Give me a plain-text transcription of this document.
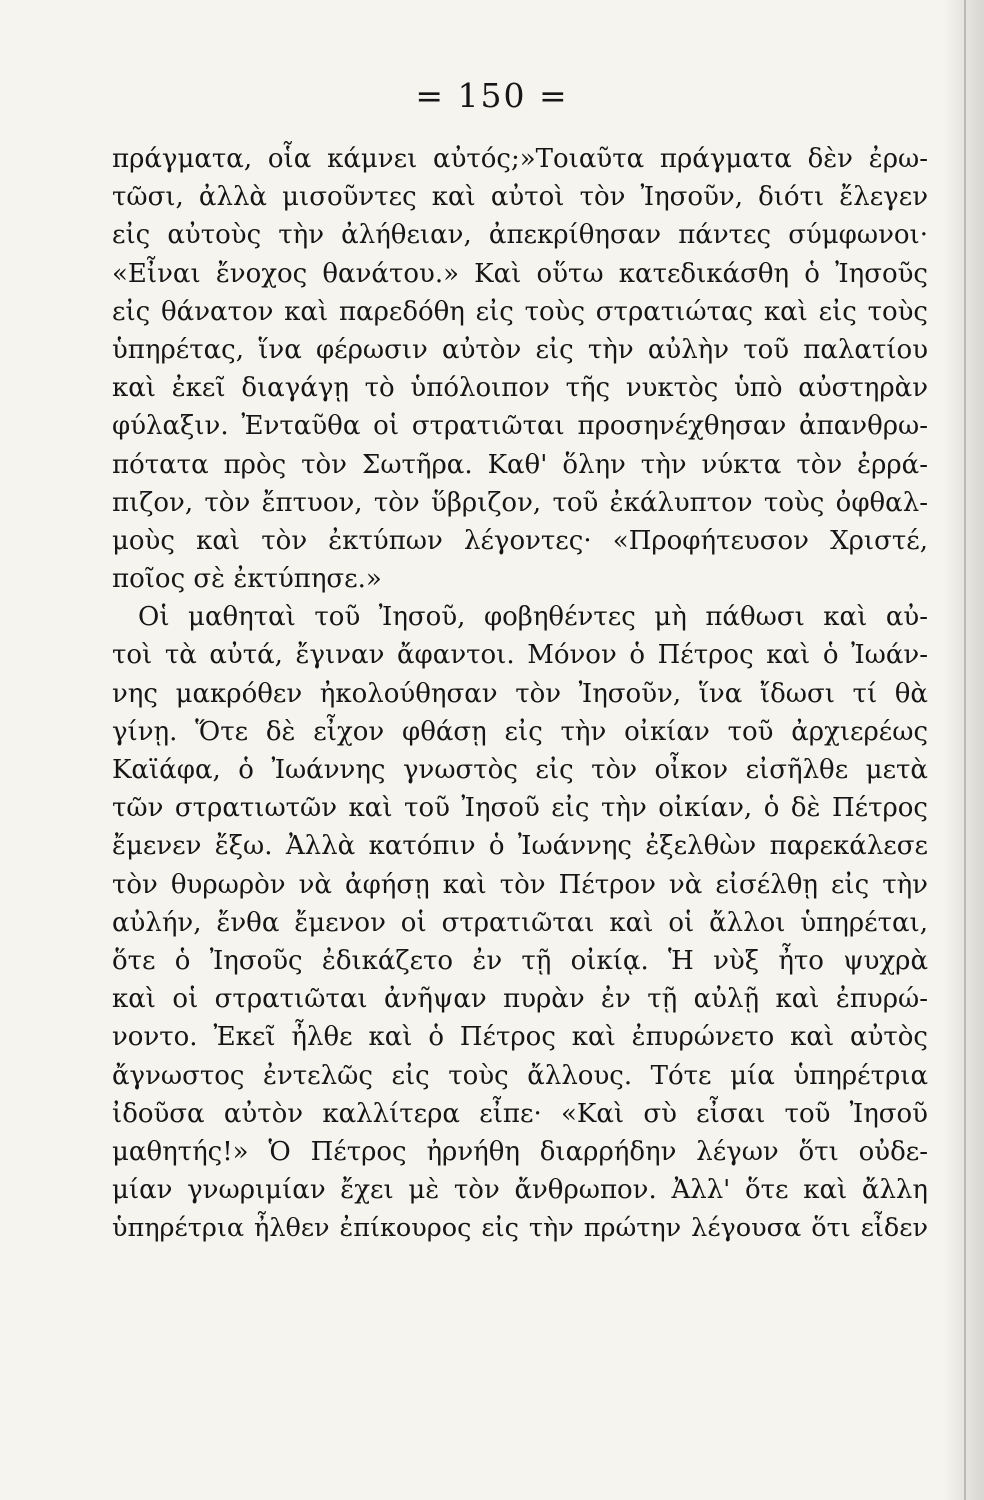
= 150 =
πράγματα, οἷα κάμνει αὐτός;»Τοιαῦτα πράγματα δὲν ἐρω-
τῶσι, ἀλλὰ μισοῦντες καὶ αὐτοὶ τὸν Ἰησοῦν, διότι ἔλεγεν
εἰς αὐτοὺς τὴν ἀλήθειαν, ἀπεκρίθησαν πάντες σύμφωνοι·
«Εἶναι ἔνοχος θανάτου.» Καὶ οὕτω κατεδικάσθη ὁ Ἰησοῦς
εἰς θάνατον καὶ παρεδόθη εἰς τοὺς στρατιώτας καὶ εἰς τοὺς
ὑπηρέτας, ἵνα φέρωσιν αὐτὸν εἰς τὴν αὐλὴν τοῦ παλατίου
καὶ ἐκεῖ διαγάγῃ τὸ ὑπόλοιπον τῆς νυκτὸς ὑπὸ αὐστηρὰν
φύλαξιν. Ἐνταῦθα οἱ στρατιῶται προσηνέχθησαν ἀπανθρω-
πότατα πρὸς τὸν Σωτῆρα. Καθ' ὅλην τὴν νύκτα τὸν ἐρρά-
πιζον, τὸν ἔπτυον, τὸν ὕβριζον, τοῦ ἐκάλυπτον τοὺς ὀφθαλ-
μοὺς καὶ τὸν ἐκτύπων λέγοντες· «Προφήτευσον Χριστέ,
ποῖος σὲ ἐκτύπησε.»
Οἱ μαθηταὶ τοῦ Ἰησοῦ, φοβηθέντες μὴ πάθωσι καὶ αὐ-
τοὶ τὰ αὐτά, ἔγιναν ἄφαντοι. Μόνον ὁ Πέτρος καὶ ὁ Ἰωάν-
νης μακρόθεν ἠκολούθησαν τὸν Ἰησοῦν, ἵνα ἴδωσι τί θὰ
γίνῃ. Ὅτε δὲ εἶχον φθάσῃ εἰς τὴν οἰκίαν τοῦ ἀρχιερέως
Καϊάφα, ὁ Ἰωάννης γνωστὸς εἰς τὸν οἶκον εἰσῆλθε μετὰ
τῶν στρατιωτῶν καὶ τοῦ Ἰησοῦ εἰς τὴν οἰκίαν, ὁ δὲ Πέτρος
ἔμενεν ἔξω. Ἀλλὰ κατόπιν ὁ Ἰωάννης ἐξελθὼν παρεκάλεσε
τὸν θυρωρὸν νὰ ἀφήσῃ καὶ τὸν Πέτρον νὰ εἰσέλθῃ εἰς τὴν
αὐλήν, ἔνθα ἔμενον οἱ στρατιῶται καὶ οἱ ἄλλοι ὑπηρέται,
ὅτε ὁ Ἰησοῦς ἐδικάζετο ἐν τῇ οἰκίᾳ. Ἡ νὺξ ἦτο ψυχρὰ
καὶ οἱ στρατιῶται ἀνῆψαν πυρὰν ἐν τῇ αὐλῇ καὶ ἐπυρώ-
νοντο. Ἐκεῖ ἦλθε καὶ ὁ Πέτρος καὶ ἐπυρώνετο καὶ αὐτὸς
ἄγνωστος ἐντελῶς εἰς τοὺς ἄλλους. Τότε μία ὑπηρέτρια
ἰδοῦσα αὐτὸν καλλίτερα εἶπε· «Καὶ σὺ εἶσαι τοῦ Ἰησοῦ
μαθητής!» Ὁ Πέτρος ἠρνήθη διαρρήδην λέγων ὅτι οὐδε-
μίαν γνωριμίαν ἔχει μὲ τὸν ἄνθρωπον. Ἀλλ' ὅτε καὶ ἄλλη
ὑπηρέτρια ἦλθεν ἐπίκουρος εἰς τὴν πρώτην λέγουσα ὅτι εἶδεν
